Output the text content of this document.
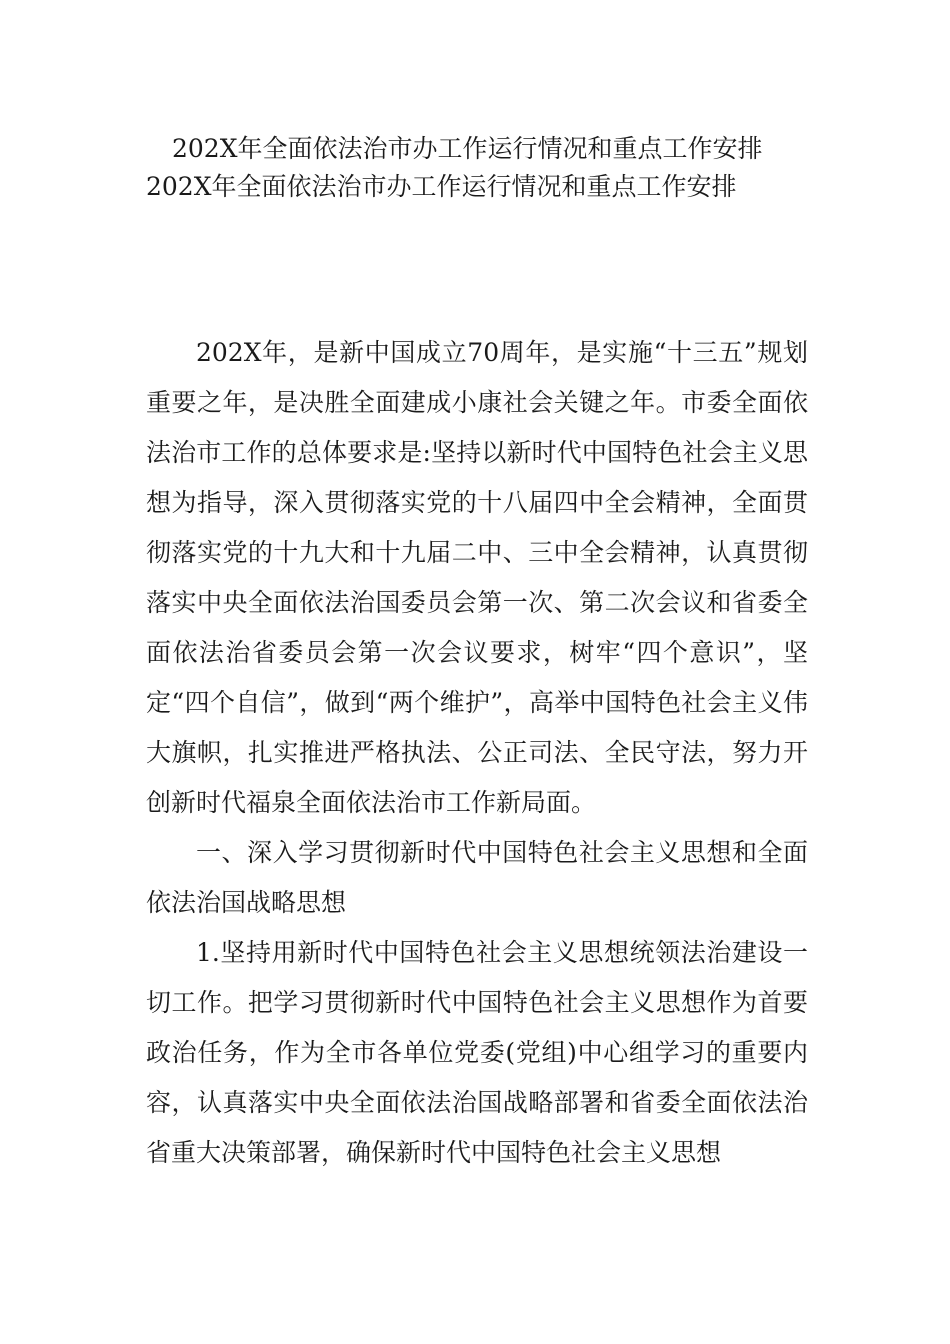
202X年全面依法治市办工作运行情况和重点工作安排
202X年全面依法治市办工作运行情况和重点工作安排

202X年，是新中国成立70周年，是实施“十三五”规划重要之年，是决胜全面建成小康社会关键之年。市委全面依法治市工作的总体要求是:坚持以新时代中国特色社会主义思想为指导，深入贯彻落实党的十八届四中全会精神，全面贯彻落实党的十九大和十九届二中、三中全会精神，认真贯彻落实中央全面依法治国委员会第一次、第二次会议和省委全面依法治省委员会第一次会议要求，树牢“四个意识”，坚定“四个自信”，做到“两个维护”，高举中国特色社会主义伟大旗帜，扎实推进严格执法、公正司法、全民守法，努力开创新时代福泉全面依法治市工作新局面。

一、深入学习贯彻新时代中国特色社会主义思想和全面依法治国战略思想

1.坚持用新时代中国特色社会主义思想统领法治建设一切工作。把学习贯彻新时代中国特色社会主义思想作为首要政治任务，作为全市各单位党委(党组)中心组学习的重要内容，认真落实中央全面依法治国战略部署和省委全面依法治省重大决策部署，确保新时代中国特色社会主义思想
